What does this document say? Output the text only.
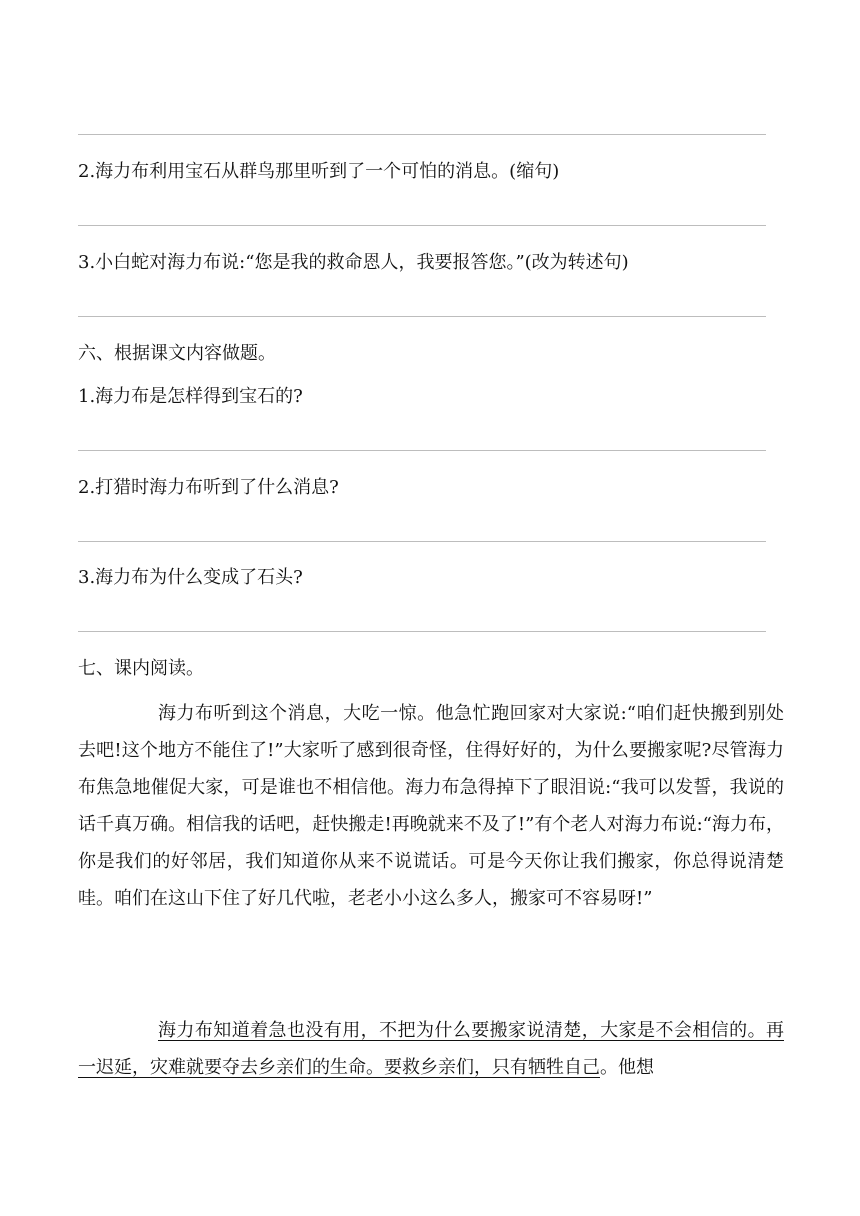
2.海力布利用宝石从群鸟那里听到了一个可怕的消息。(缩句)
3.小白蛇对海力布说:“您是我的救命恩人，我要报答您。”(改为转述句)
六、根据课文内容做题。
1.海力布是怎样得到宝石的?
2.打猎时海力布听到了什么消息?
3.海力布为什么变成了石头?
七、课内阅读。
海力布听到这个消息，大吃一惊。他急忙跑回家对大家说:“咱们赶快搬到别处去吧!这个地方不能住了!”大家听了感到很奇怪，住得好好的，为什么要搬家呢?尽管海力布焦急地催促大家，可是谁也不相信他。海力布急得掉下了眼泪说:“我可以发誓，我说的话千真万确。相信我的话吧，赶快搬走!再晚就来不及了!”有个老人对海力布说:“海力布，你是我们的好邻居，我们知道你从来不说谎话。可是今天你让我们搬家，你总得说清楚哇。咱们在这山下住了好几代啦，老老小小这么多人，搬家可不容易呀!”
海力布知道着急也没有用，不把为什么要搬家说清楚，大家是不会相信的。再一迟延，灾难就要夺去乡亲们的生命。要救乡亲们，只有牺牲自己。他想
